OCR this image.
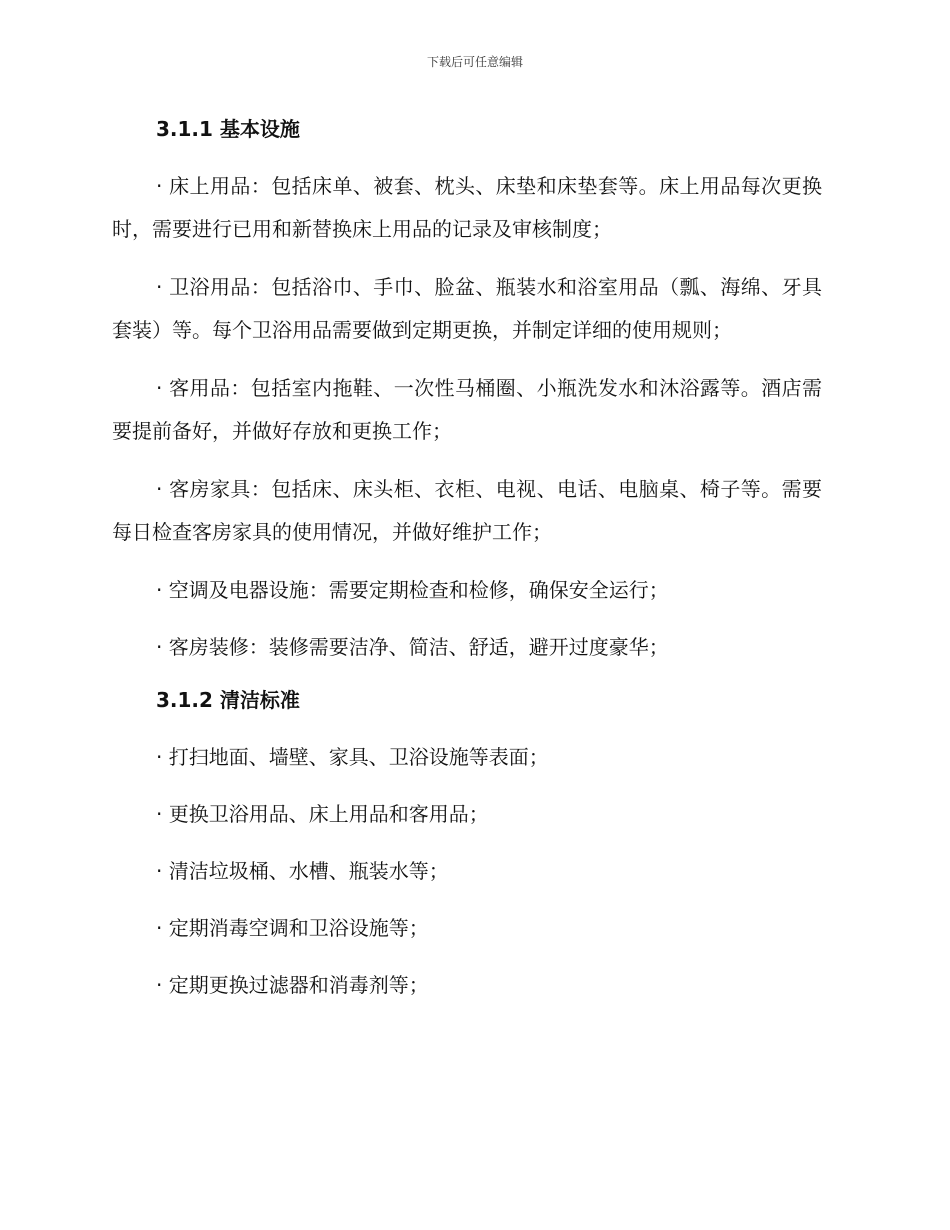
下载后可任意编辑
3.1.1 基本设施

· 床上用品：包括床单、被套、枕头、床垫和床垫套等。床上用品每次更换时，需要进行已用和新替换床上用品的记录及审核制度；

· 卫浴用品：包括浴巾、手巾、脸盆、瓶装水和浴室用品（瓢、海绵、牙具套装）等。每个卫浴用品需要做到定期更换，并制定详细的使用规则；

· 客用品：包括室内拖鞋、一次性马桶圈、小瓶洗发水和沐浴露等。酒店需要提前备好，并做好存放和更换工作；

· 客房家具：包括床、床头柜、衣柜、电视、电话、电脑桌、椅子等。需要每日检查客房家具的使用情况，并做好维护工作；

· 空调及电器设施：需要定期检查和检修，确保安全运行；

· 客房装修：装修需要洁净、简洁、舒适，避开过度豪华；

3.1.2 清洁标准

· 打扫地面、墙壁、家具、卫浴设施等表面；

· 更换卫浴用品、床上用品和客用品；

· 清洁垃圾桶、水槽、瓶装水等；

· 定期消毒空调和卫浴设施等；

· 定期更换过滤器和消毒剂等；
